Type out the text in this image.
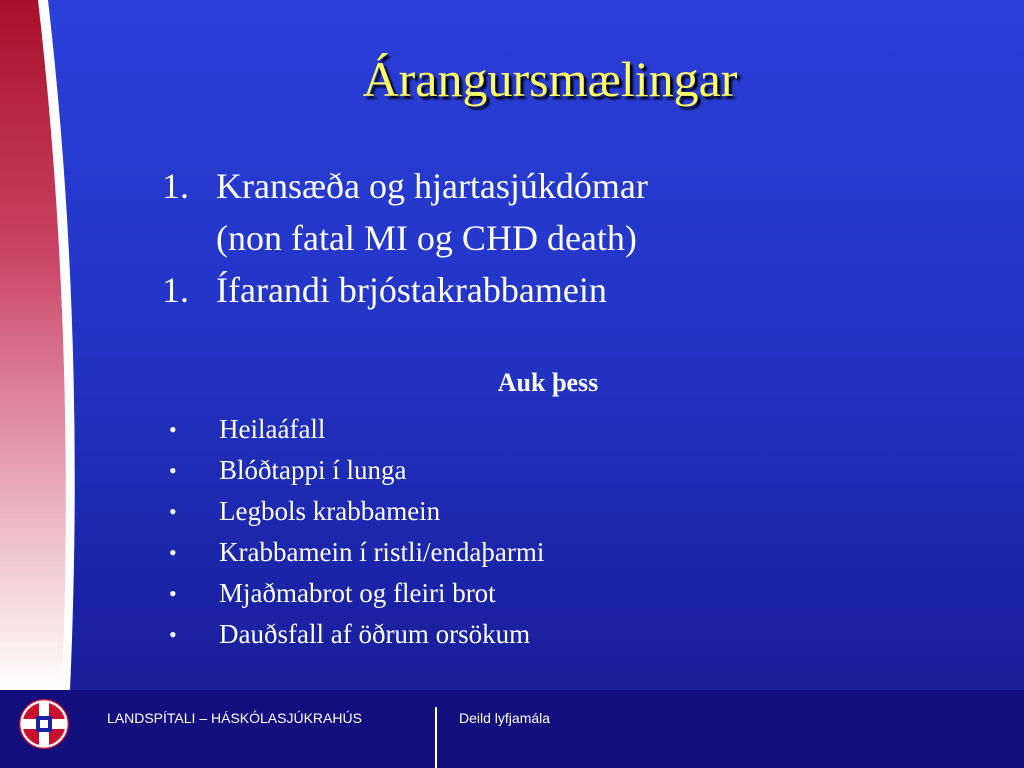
Árangursmælingar
1. Kransæða og hjartasjúkdómar
(non fatal MI og CHD death)
1. Ífarandi brjóstakrabbamein
Auk þess
•	Heilaáfall
•	Blóðtappi í lunga
•	Legbols krabbamein
•	Krabbamein í ristli/endaþarmi
•	Mjaðmabrot og fleiri brot
•	Dauðsfall af öðrum orsökum
LANDSPÍTALI – HÁSKÓLASJÚKRAHÚS	Deild lyfjamála
